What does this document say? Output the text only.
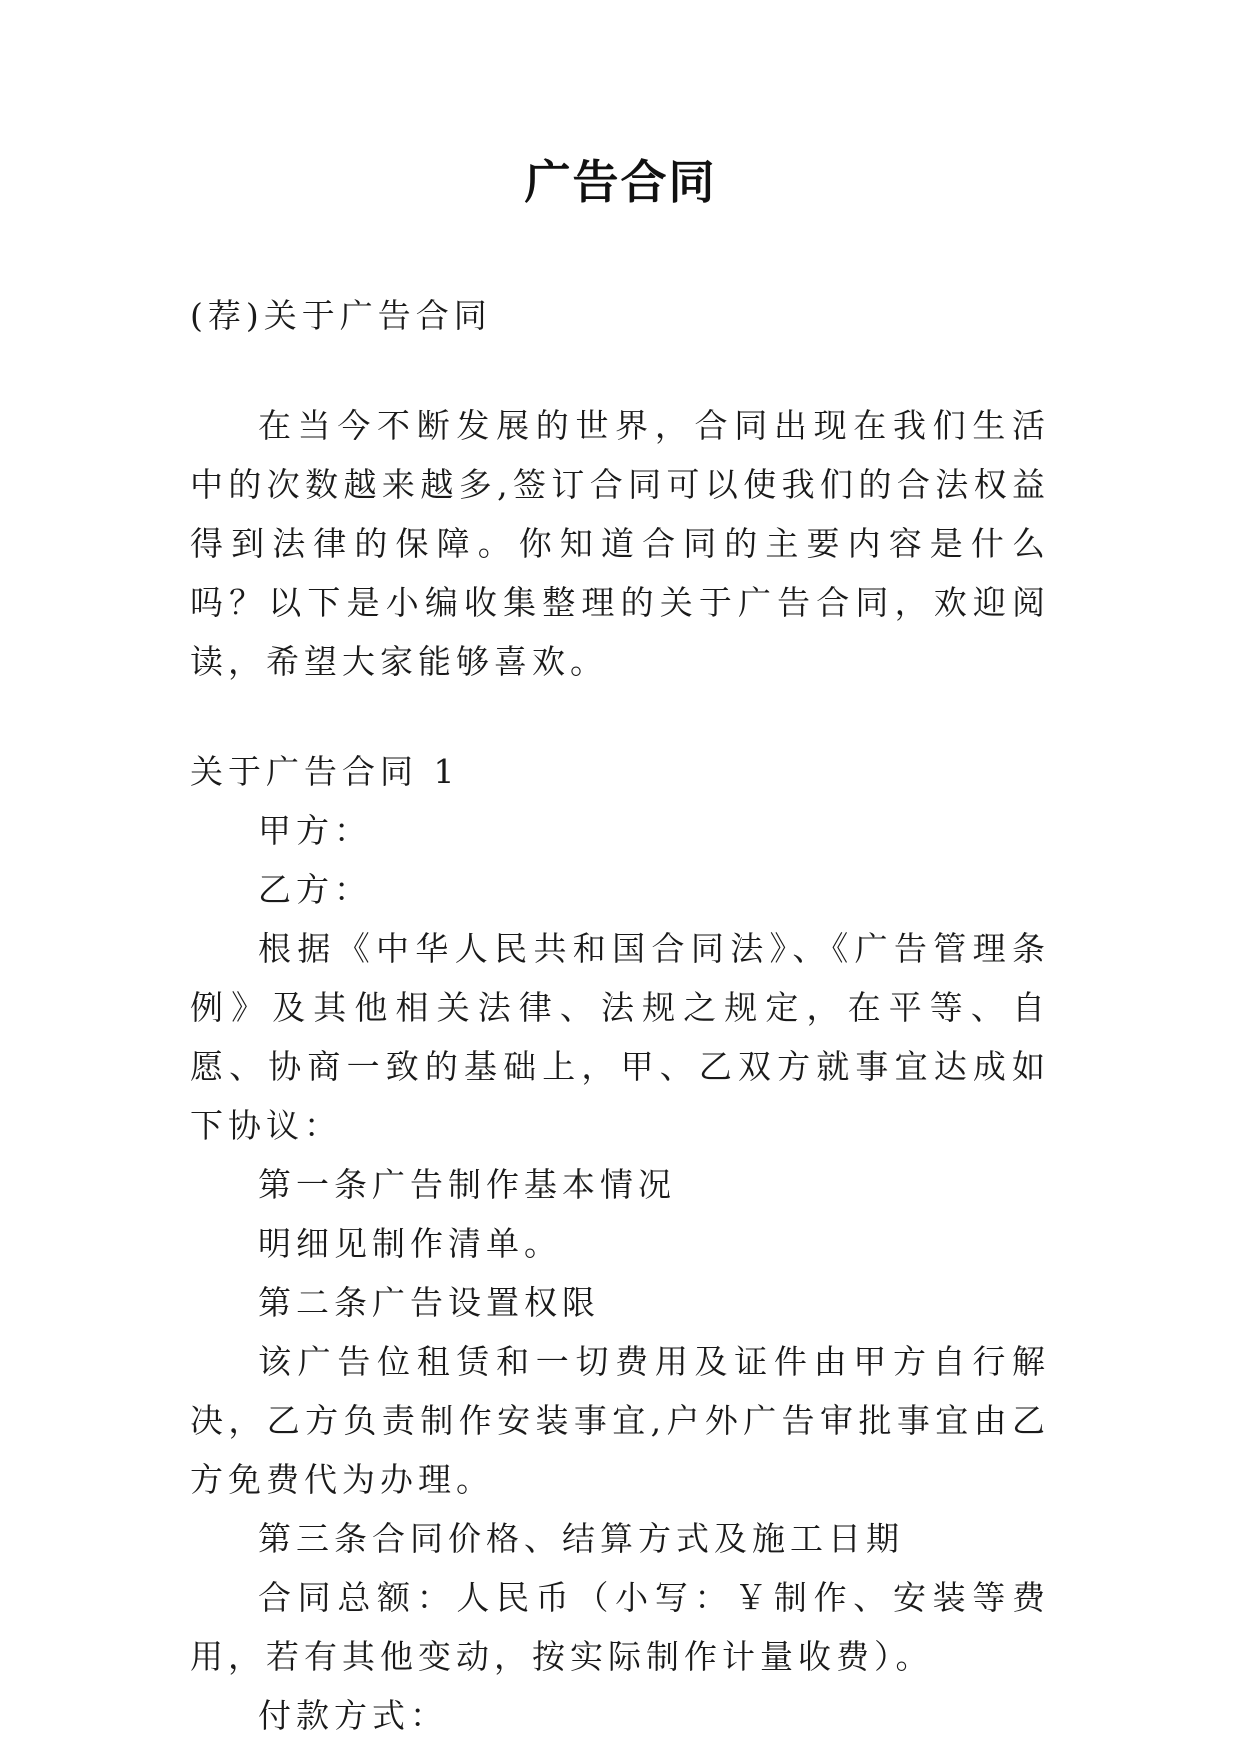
广告合同

(荐)关于广告合同

在当今不断发展的世界，合同出现在我们生活中的次数越来越多,签订合同可以使我们的合法权益得到法律的保障。你知道合同的主要内容是什么吗？以下是小编收集整理的关于广告合同，欢迎阅读，希望大家能够喜欢。

关于广告合同 1

甲方：

乙方：

根据《中华人民共和国合同法》、《广告管理条例》及其他相关法律、法规之规定，在平等、自愿、协商一致的基础上，甲、乙双方就事宜达成如下协议：

第一条广告制作基本情况

明细见制作清单。

第二条广告设置权限

该广告位租赁和一切费用及证件由甲方自行解决，乙方负责制作安装事宜,户外广告审批事宜由乙方免费代为办理。

第三条合同价格、结算方式及施工日期

合同总额：人民币（小写：￥制作、安装等费用，若有其他变动，按实际制作计量收费）。

付款方式：
